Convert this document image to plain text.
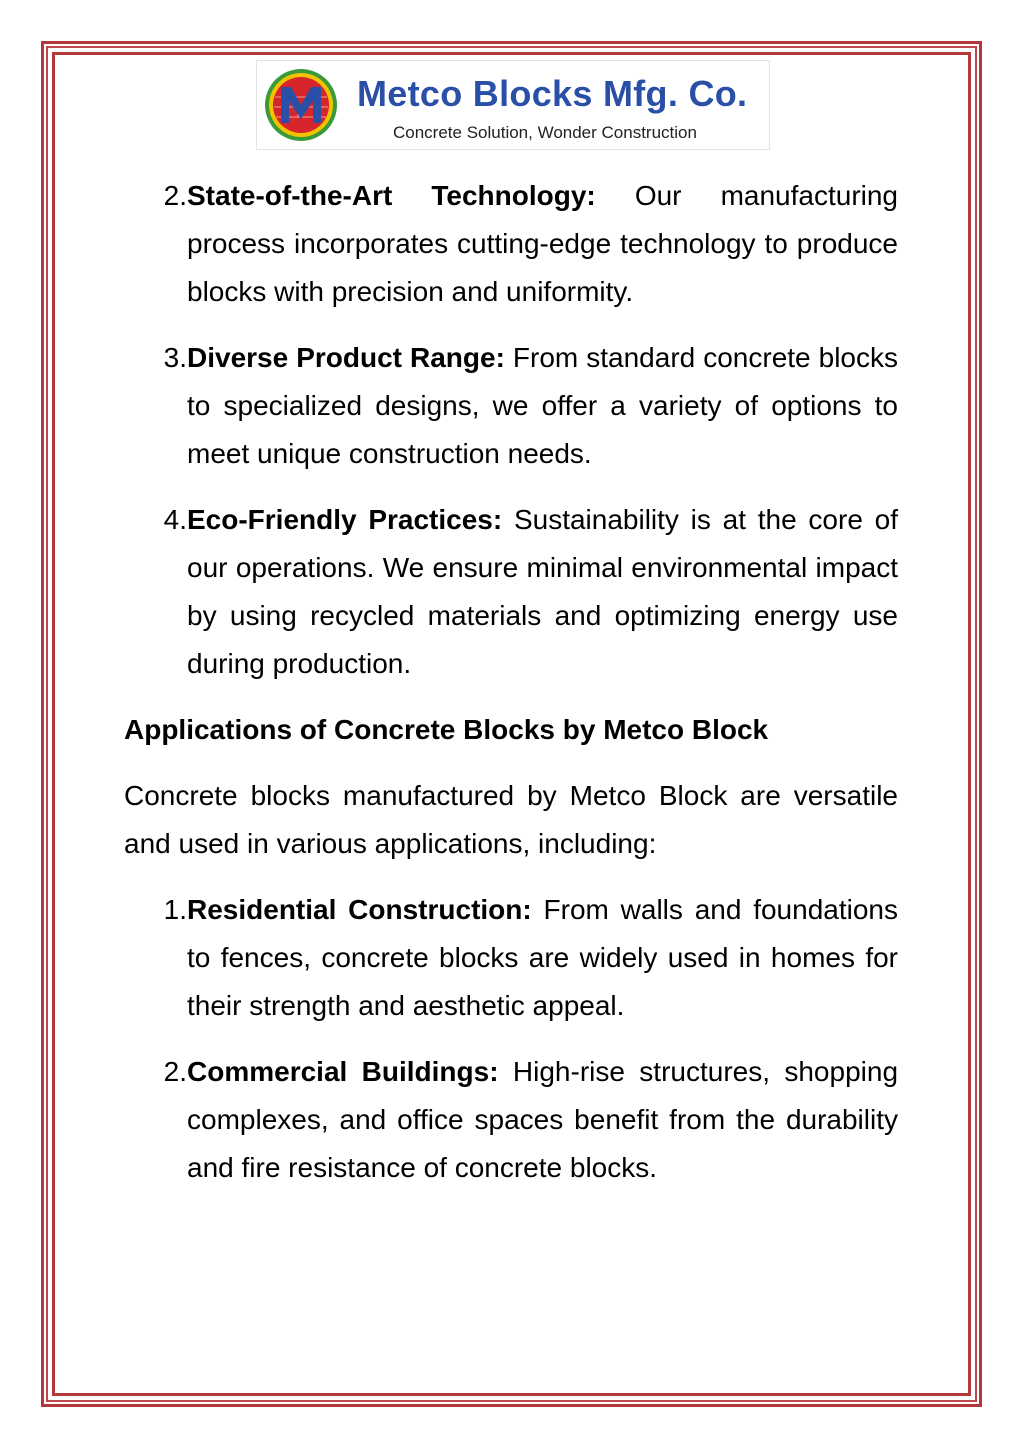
Metco Blocks Mfg. Co.
Concrete Solution, Wonder Construction
2. State-of-the-Art Technology: Our manufacturing process incorporates cutting-edge technology to produce blocks with precision and uniformity.
3. Diverse Product Range: From standard concrete blocks to specialized designs, we offer a variety of options to meet unique construction needs.
4. Eco-Friendly Practices: Sustainability is at the core of our operations. We ensure minimal environmental impact by using recycled materials and optimizing energy use during production.
Applications of Concrete Blocks by Metco Block
Concrete blocks manufactured by Metco Block are versatile and used in various applications, including:
1. Residential Construction: From walls and foundations to fences, concrete blocks are widely used in homes for their strength and aesthetic appeal.
2. Commercial Buildings: High-rise structures, shopping complexes, and office spaces benefit from the durability and fire resistance of concrete blocks.
